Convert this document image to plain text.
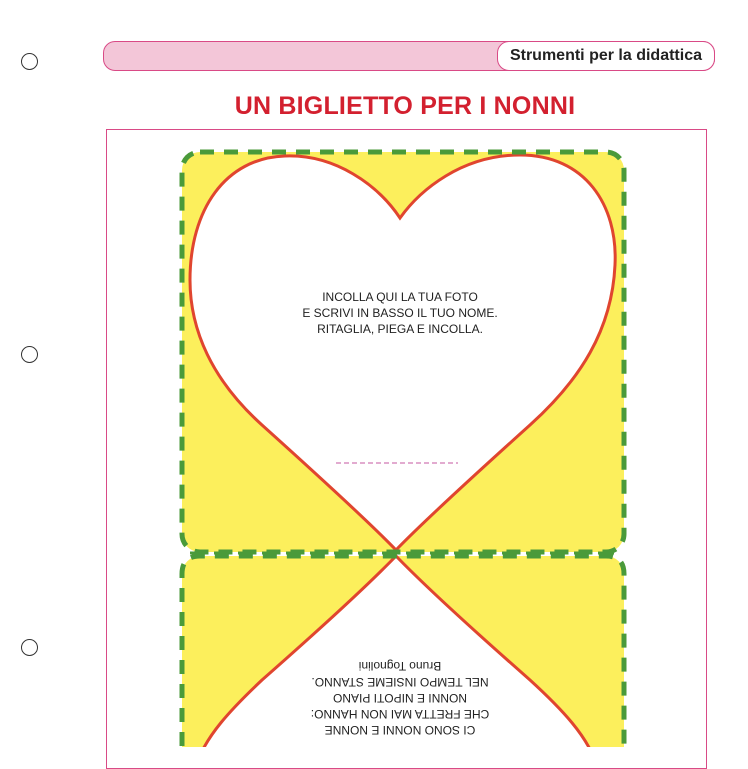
Strumenti per la didattica
UN BIGLIETTO PER I NONNI
INCOLLA QUI LA TUA FOTO
E SCRIVI IN BASSO IL TUO NOME.
RITAGLIA, PIEGA E INCOLLA.
CI SONO NONNI E NONNE
CHE FRETTA MAI NON HANNO:
NONNI E NIPOTI PIANO
NEL TEMPO INSIEME STANNO.
Bruno Tognolini
